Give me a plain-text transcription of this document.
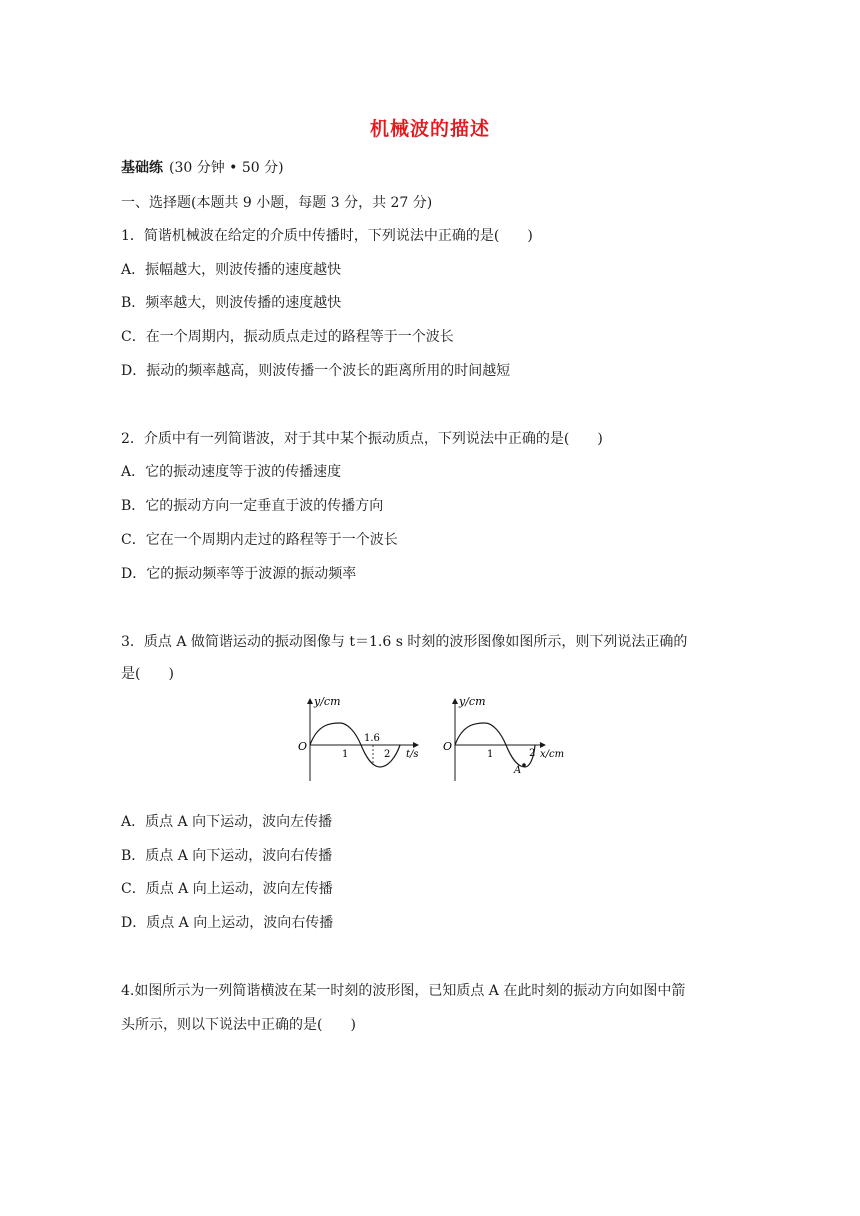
机械波的描述
基础练 (30 分钟 • 50 分)
一、选择题(本题共 9 小题，每题 3 分，共 27 分)
1．简谐机械波在给定的介质中传播时，下列说法中正确的是(　　)
A．振幅越大，则波传播的速度越快
B．频率越大，则波传播的速度越快
C．在一个周期内，振动质点走过的路程等于一个波长
D．振动的频率越高，则波传播一个波长的距离所用的时间越短
2．介质中有一列简谐波，对于其中某个振动质点，下列说法中正确的是(　　)
A．它的振动速度等于波的传播速度
B．它的振动方向一定垂直于波的传播方向
C．它在一个周期内走过的路程等于一个波长
D．它的振动频率等于波源的振动频率
3．质点 A 做简谐运动的振动图像与 t＝1.6 s 时刻的波形图像如图所示，则下列说法正确的
是(　　)
y/cm
O
1	2
1.6
t/s
y/cm
O
1	2
A
x/cm
A．质点 A 向下运动，波向左传播
B．质点 A 向下运动，波向右传播
C．质点 A 向上运动，波向左传播
D．质点 A 向上运动，波向右传播
4.如图所示为一列简谐横波在某一时刻的波形图，已知质点 A 在此时刻的振动方向如图中箭
头所示，则以下说法中正确的是(　　)
